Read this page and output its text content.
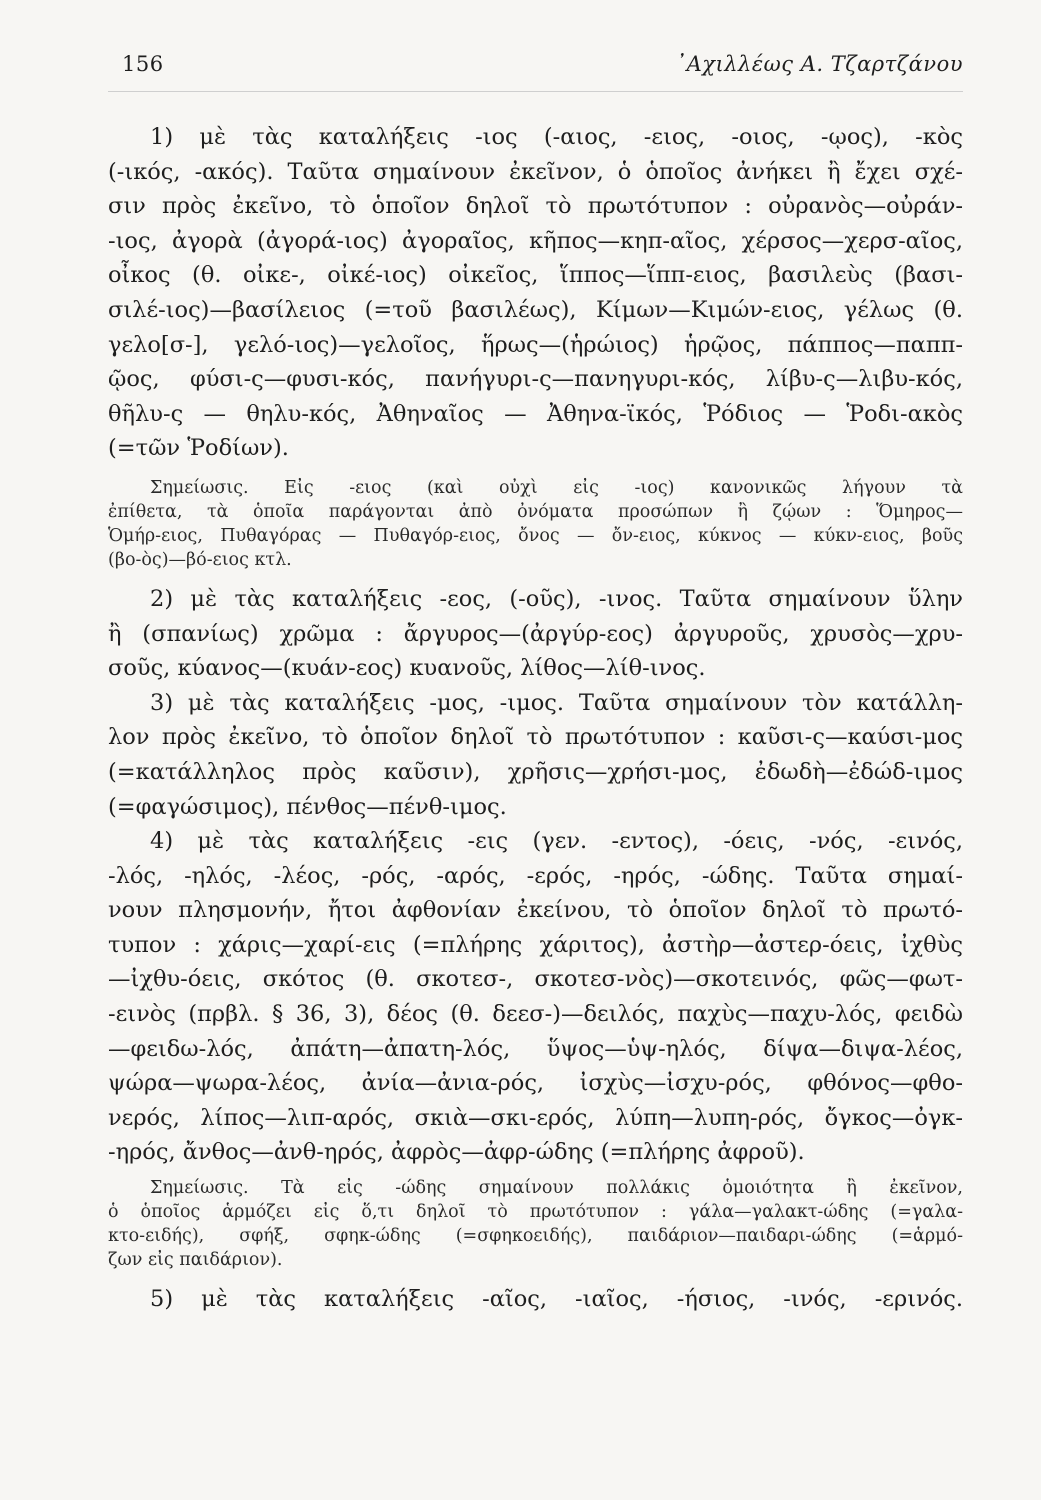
156	᾽Αχιλλέως Α. Τζαρτζάνου
1) μὲ τὰς καταλήξεις -ιος (-αιος, -ειος, -οιος, -ῳος), -κὸς
(-ικός, -ακός). Ταῦτα σημαίνουν ἐκεῖνον, ὁ ὁποῖος ἀνήκει ἢ ἔχει σχέ-
σιν πρὸς ἐκεῖνο, τὸ ὁποῖον δηλοῖ τὸ πρωτότυπον : οὐρανὸς—οὐράν-
-ιος, ἀγορὰ (ἀγορά-ιος) ἀγοραῖος, κῆπος—κηπ-αῖος, χέρσος—χερσ-αῖος,
οἶκος (θ. οἰκε-, οἰκέ-ιος) οἰκεῖος, ἵππος—ἵππ-ειος, βασιλεὺς (βασι-
σιλέ-ιος)—βασίλειος (=τοῦ βασιλέως), Κίμων—Κιμών-ειος, γέλως (θ.
γελο[σ-], γελό-ιος)—γελοῖος, ἥρως—(ἡρώιος) ἡρῷος, πάππος—παππ-
ῷος, φύσι-ς—φυσι-κός, πανήγυρι-ς—πανηγυρι-κός, λίβυ-ς—λιβυ-κός,
θῆλυ-ς — θηλυ-κός, Ἀθηναῖος — Ἀθηνα-ϊκός, Ῥόδιος — Ῥοδι-ακὸς
(=τῶν Ῥοδίων).
Σημείωσις. Εἰς -ειος (καὶ οὐχὶ εἰς -ιος) κανονικῶς λήγουν τὰ
ἐπίθετα, τὰ ὁποῖα παράγονται ἀπὸ ὀνόματα προσώπων ἢ ζῴων : Ὅμηρος—
Ὁμήρ-ειος, Πυθαγόρας — Πυθαγόρ-ειος, ὄνος — ὄν-ειος, κύκνος — κύκν-ειος, βοῦς
(βο-ὸς)—βό-ειος κτλ.
2) μὲ τὰς καταλήξεις -εος, (-οῦς), -ινος. Ταῦτα σημαίνουν ὕλην
ἢ (σπανίως) χρῶμα : ἄργυρος—(ἀργύρ-εος) ἀργυροῦς, χρυσὸς—χρυ-
σοῦς, κύανος—(κυάν-εος) κυανοῦς, λίθος—λίθ-ινος.
3) μὲ τὰς καταλήξεις -μος, -ιμος. Ταῦτα σημαίνουν τὸν κατάλλη-
λον πρὸς ἐκεῖνο, τὸ ὁποῖον δηλοῖ τὸ πρωτότυπον : καῦσι-ς—καύσι-μος
(=κατάλληλος πρὸς καῦσιν), χρῆσις—χρήσι-μος, ἐδωδὴ—ἐδώδ-ιμος
(=φαγώσιμος), πένθος—πένθ-ιμος.
4) μὲ τὰς καταλήξεις -εις (γεν. -εντος), -όεις, -νός, -εινός,
-λός, -ηλός, -λέος, -ρός, -αρός, -ερός, -ηρός, -ώδης. Ταῦτα σημαί-
νουν πλησμονήν, ἤτοι ἀφθονίαν ἐκείνου, τὸ ὁποῖον δηλοῖ τὸ πρωτό-
τυπον : χάρις—χαρί-εις (=πλήρης χάριτος), ἀστὴρ—ἀστερ-όεις, ἰχθὺς
—ἰχθυ-όεις, σκότος (θ. σκοτεσ-, σκοτεσ-νὸς)—σκοτεινός, φῶς—φωτ-
-εινὸς (πρβλ. § 36, 3), δέος (θ. δεεσ-)—δειλός, παχὺς—παχυ-λός, φειδὼ
—φειδω-λός, ἀπάτη—ἀπατη-λός, ὕψος—ὑψ-ηλός, δίψα—διψα-λέος,
ψώρα—ψωρα-λέος, ἀνία—ἀνια-ρός, ἰσχὺς—ἰσχυ-ρός, φθόνος—φθο-
νερός, λίπος—λιπ-αρός, σκιὰ—σκι-ερός, λύπη—λυπη-ρός, ὄγκος—ὀγκ-
-ηρός, ἄνθος—ἀνθ-ηρός, ἀφρὸς—ἀφρ-ώδης (=πλήρης ἀφροῦ).
Σημείωσις. Τὰ εἰς -ώδης σημαίνουν πολλάκις ὁμοιότητα ἢ ἐκεῖνον,
ὁ ὁποῖος ἁρμόζει εἰς ὅ,τι δηλοῖ τὸ πρωτότυπον : γάλα—γαλακτ-ώδης (=γαλα-
κτο-ειδής), σφήξ, σφηκ-ώδης (=σφηκοειδής), παιδάριον—παιδαρι-ώδης (=ἁρμό-
ζων εἰς παιδάριον).
5) μὲ τὰς καταλήξεις -αῖος, -ιαῖος, -ήσιος, -ινός, -ερινός.
